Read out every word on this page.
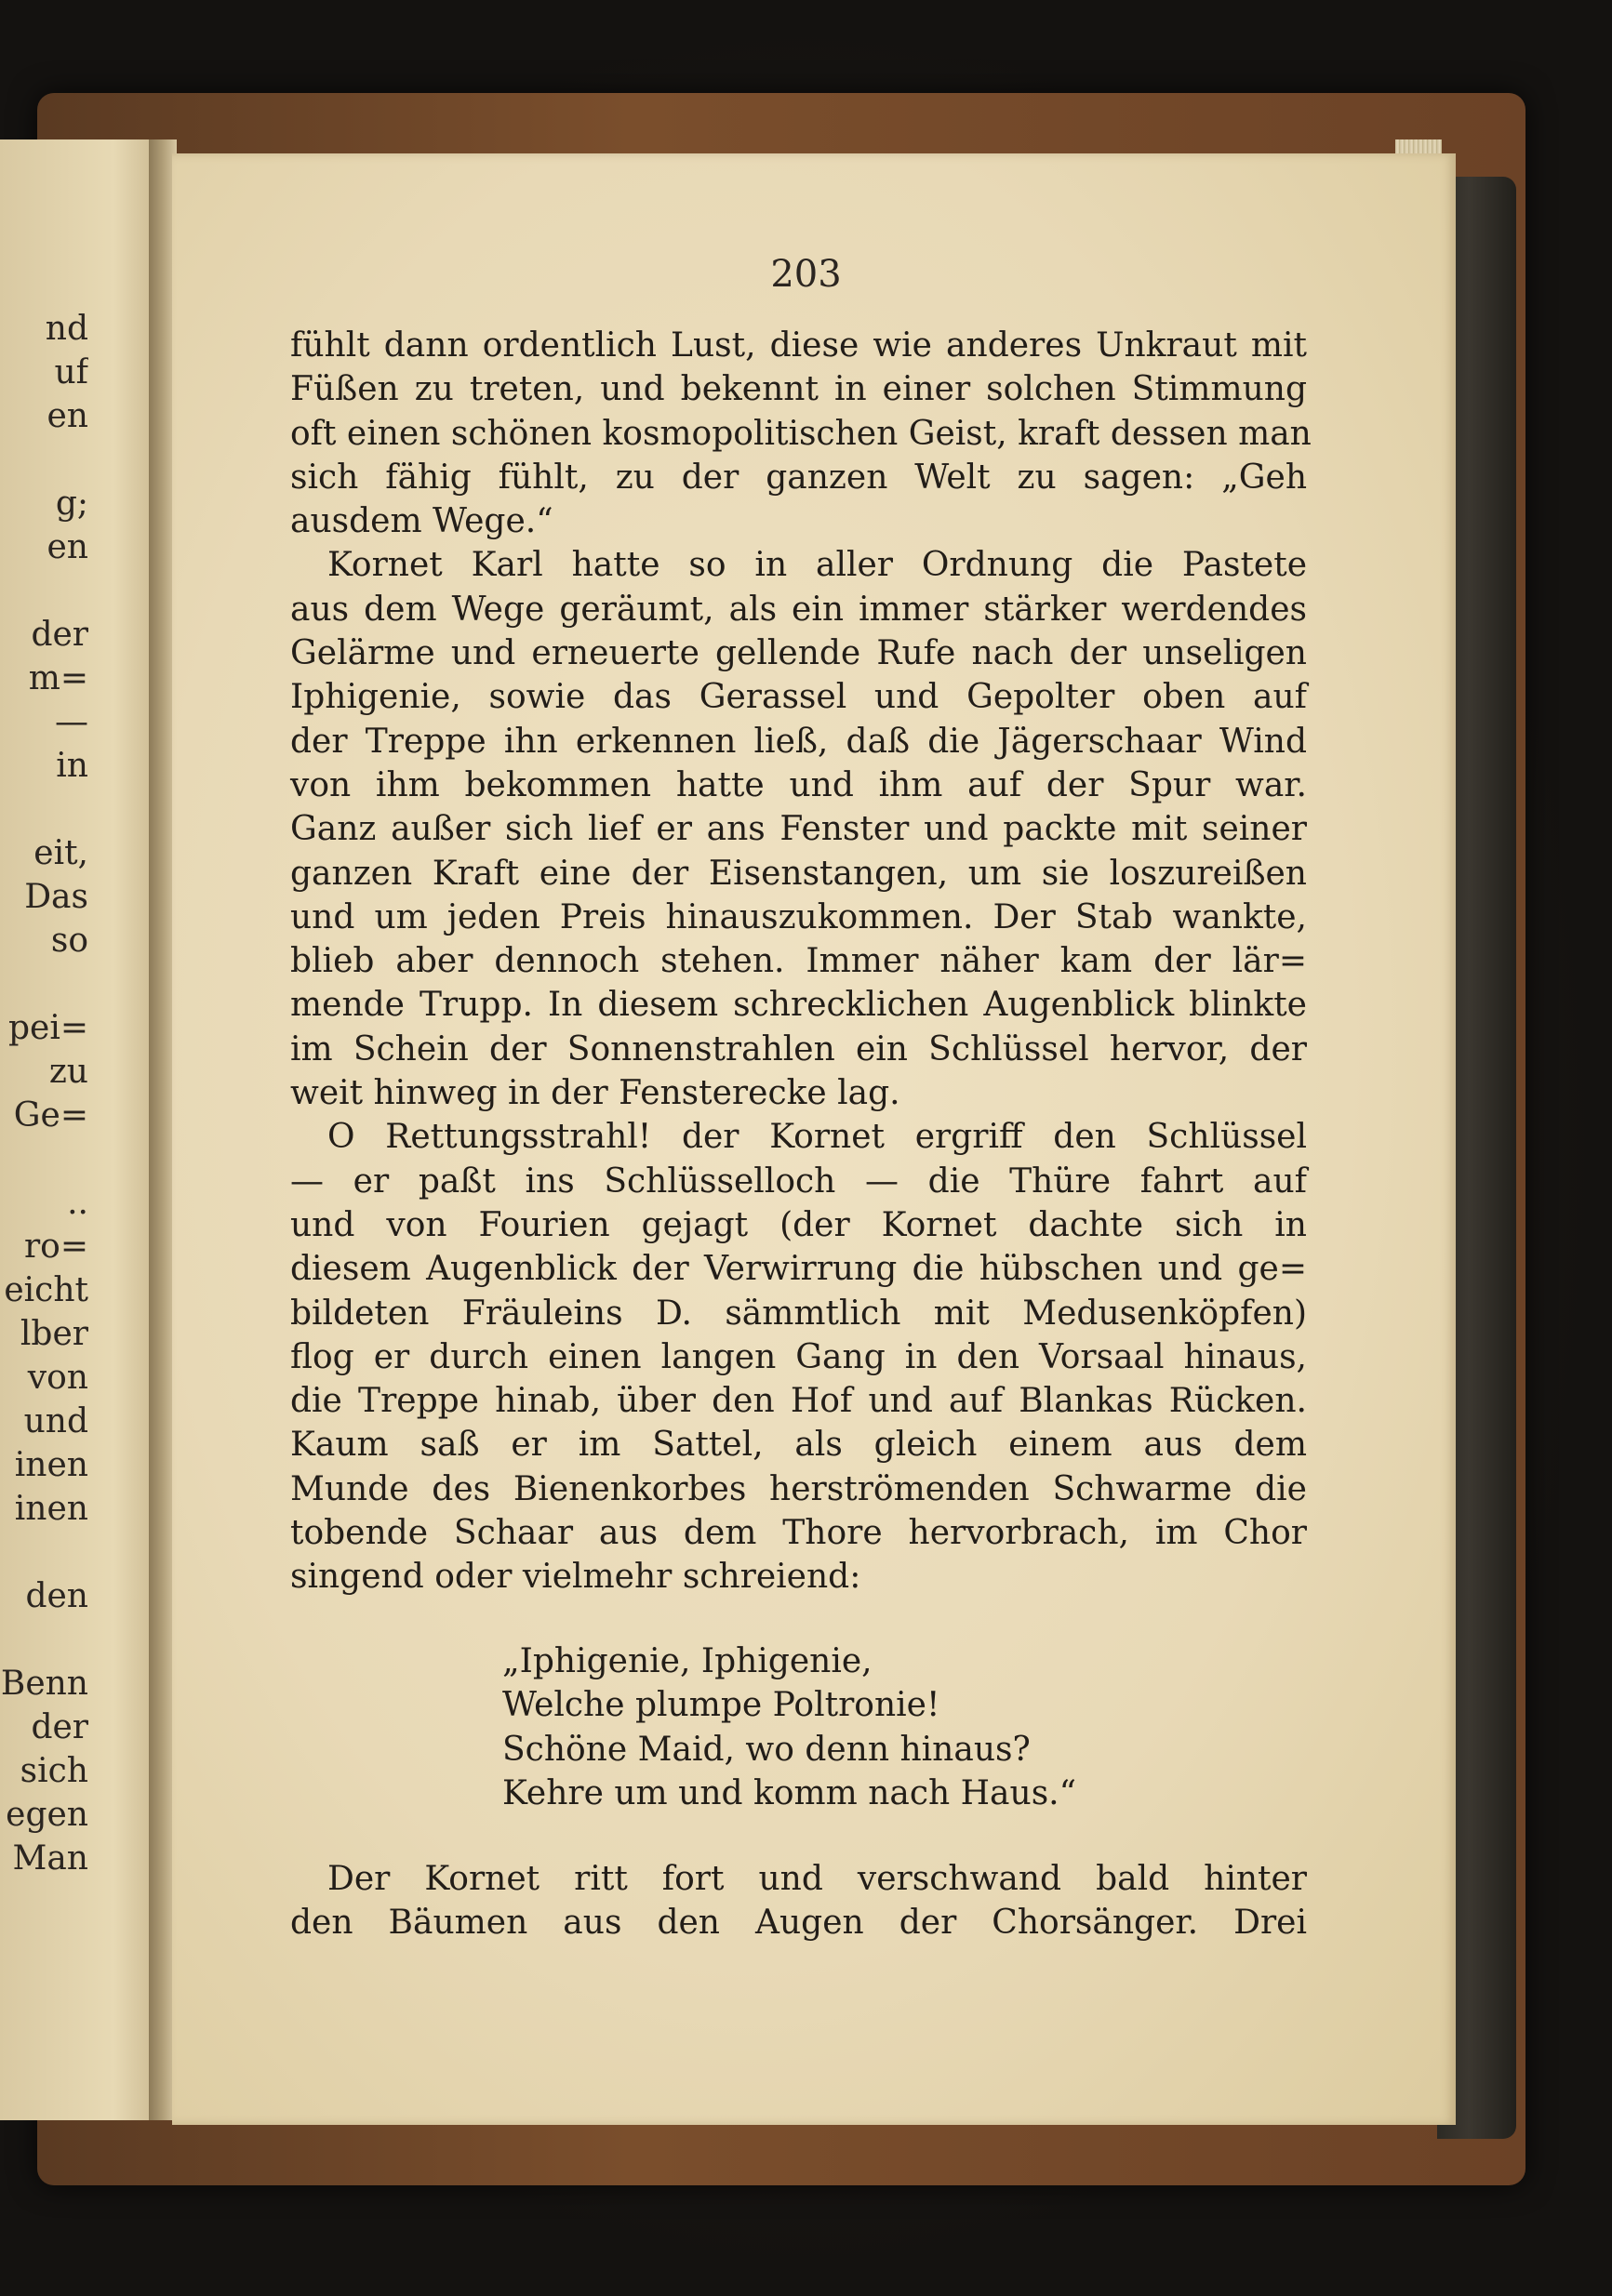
nd
uf
en
g;
en
der
m=
—
in
eit,
Das
so
pei=
zu
Ge=
..
ro=
eicht
lber
von
und
inen
inen
den
Benn
der
sich
egen
Man
203
fühlt dann ordentlich Lust, diese wie anderes Unkraut mit
Füßen zu treten, und bekennt in einer solchen Stimmung
oft einen schönen kosmopolitischen Geist, kraft dessen man
sich fähig fühlt, zu der ganzen Welt zu sagen: „Geh
ausdem Wege.“
Kornet Karl hatte so in aller Ordnung die Pastete
aus dem Wege geräumt, als ein immer stärker werdendes
Gelärme und erneuerte gellende Rufe nach der unseligen
Iphigenie, sowie das Gerassel und Gepolter oben auf
der Treppe ihn erkennen ließ, daß die Jägerschaar Wind
von ihm bekommen hatte und ihm auf der Spur war.
Ganz außer sich lief er ans Fenster und packte mit seiner
ganzen Kraft eine der Eisenstangen, um sie loszureißen
und um jeden Preis hinauszukommen. Der Stab wankte,
blieb aber dennoch stehen. Immer näher kam der lär=
mende Trupp. In diesem schrecklichen Augenblick blinkte
im Schein der Sonnenstrahlen ein Schlüssel hervor, der
weit hinweg in der Fensterecke lag.
O Rettungsstrahl! der Kornet ergriff den Schlüssel
— er paßt ins Schlüsselloch — die Thüre fahrt auf
und von Fourien gejagt (der Kornet dachte sich in
diesem Augenblick der Verwirrung die hübschen und ge=
bildeten Fräuleins D. sämmtlich mit Medusenköpfen)
flog er durch einen langen Gang in den Vorsaal hinaus,
die Treppe hinab, über den Hof und auf Blankas Rücken.
Kaum saß er im Sattel, als gleich einem aus dem
Munde des Bienenkorbes herströmenden Schwarme die
tobende Schaar aus dem Thore hervorbrach, im Chor
singend oder vielmehr schreiend:
„Iphigenie, Iphigenie,
Welche plumpe Poltronie!
Schöne Maid, wo denn hinaus?
Kehre um und komm nach Haus.“
Der Kornet ritt fort und verschwand bald hinter
den Bäumen aus den Augen der Chorsänger. Drei
